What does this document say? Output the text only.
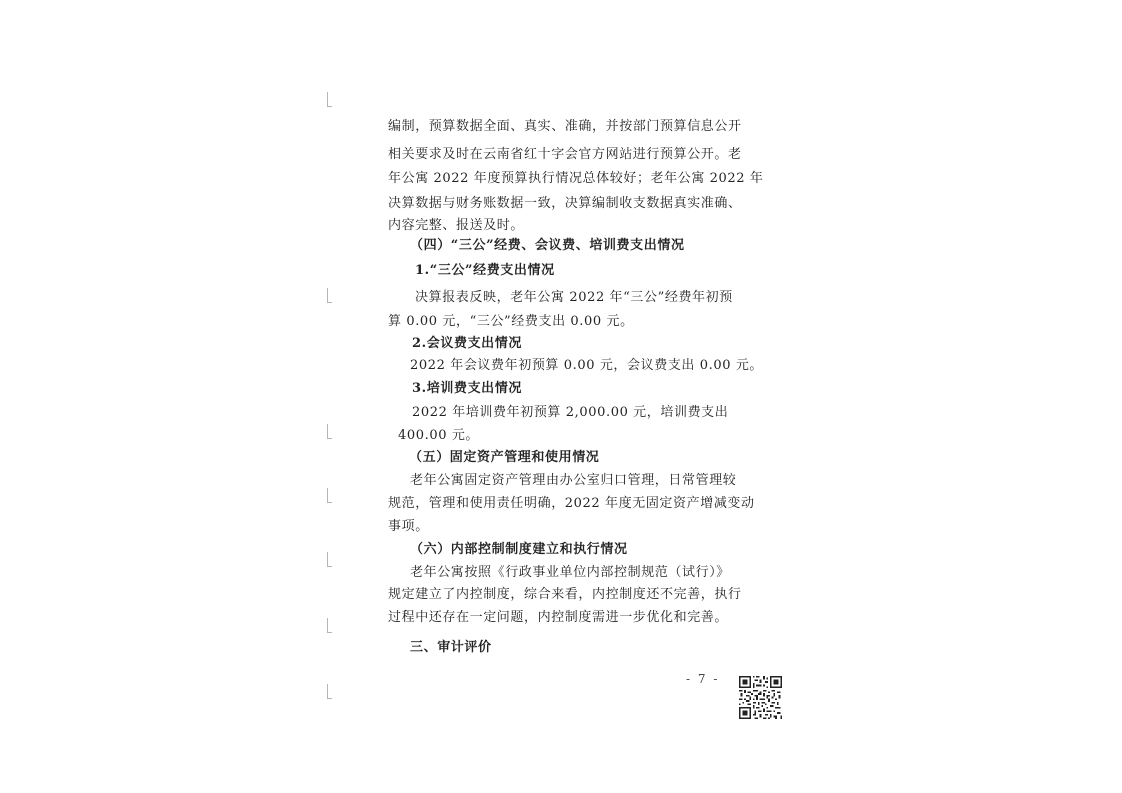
编制，预算数据全面、真实、准确，并按部门预算信息公开
相关要求及时在云南省红十字会官方网站进行预算公开。老
年公寓 2022 年度预算执行情况总体较好；老年公寓 2022 年
决算数据与财务账数据一致，决算编制收支数据真实准确、
内容完整、报送及时。
（四）“三公”经费、会议费、培训费支出情况
1.“三公”经费支出情况
决算报表反映，老年公寓 2022 年“三公”经费年初预
算 0.00 元，“三公”经费支出 0.00 元。
2.会议费支出情况
2022 年会议费年初预算 0.00 元，会议费支出 0.00 元。
3.培训费支出情况
2022 年培训费年初预算 2,000.00 元，培训费支出
400.00 元。
（五）固定资产管理和使用情况
老年公寓固定资产管理由办公室归口管理，日常管理较
规范，管理和使用责任明确，2022 年度无固定资产增减变动
事项。
（六）内部控制制度建立和执行情况
老年公寓按照《行政事业单位内部控制规范（试行）》
规定建立了内控制度，综合来看，内控制度还不完善，执行
过程中还存在一定问题，内控制度需进一步优化和完善。
三、审计评价
- 7 -
